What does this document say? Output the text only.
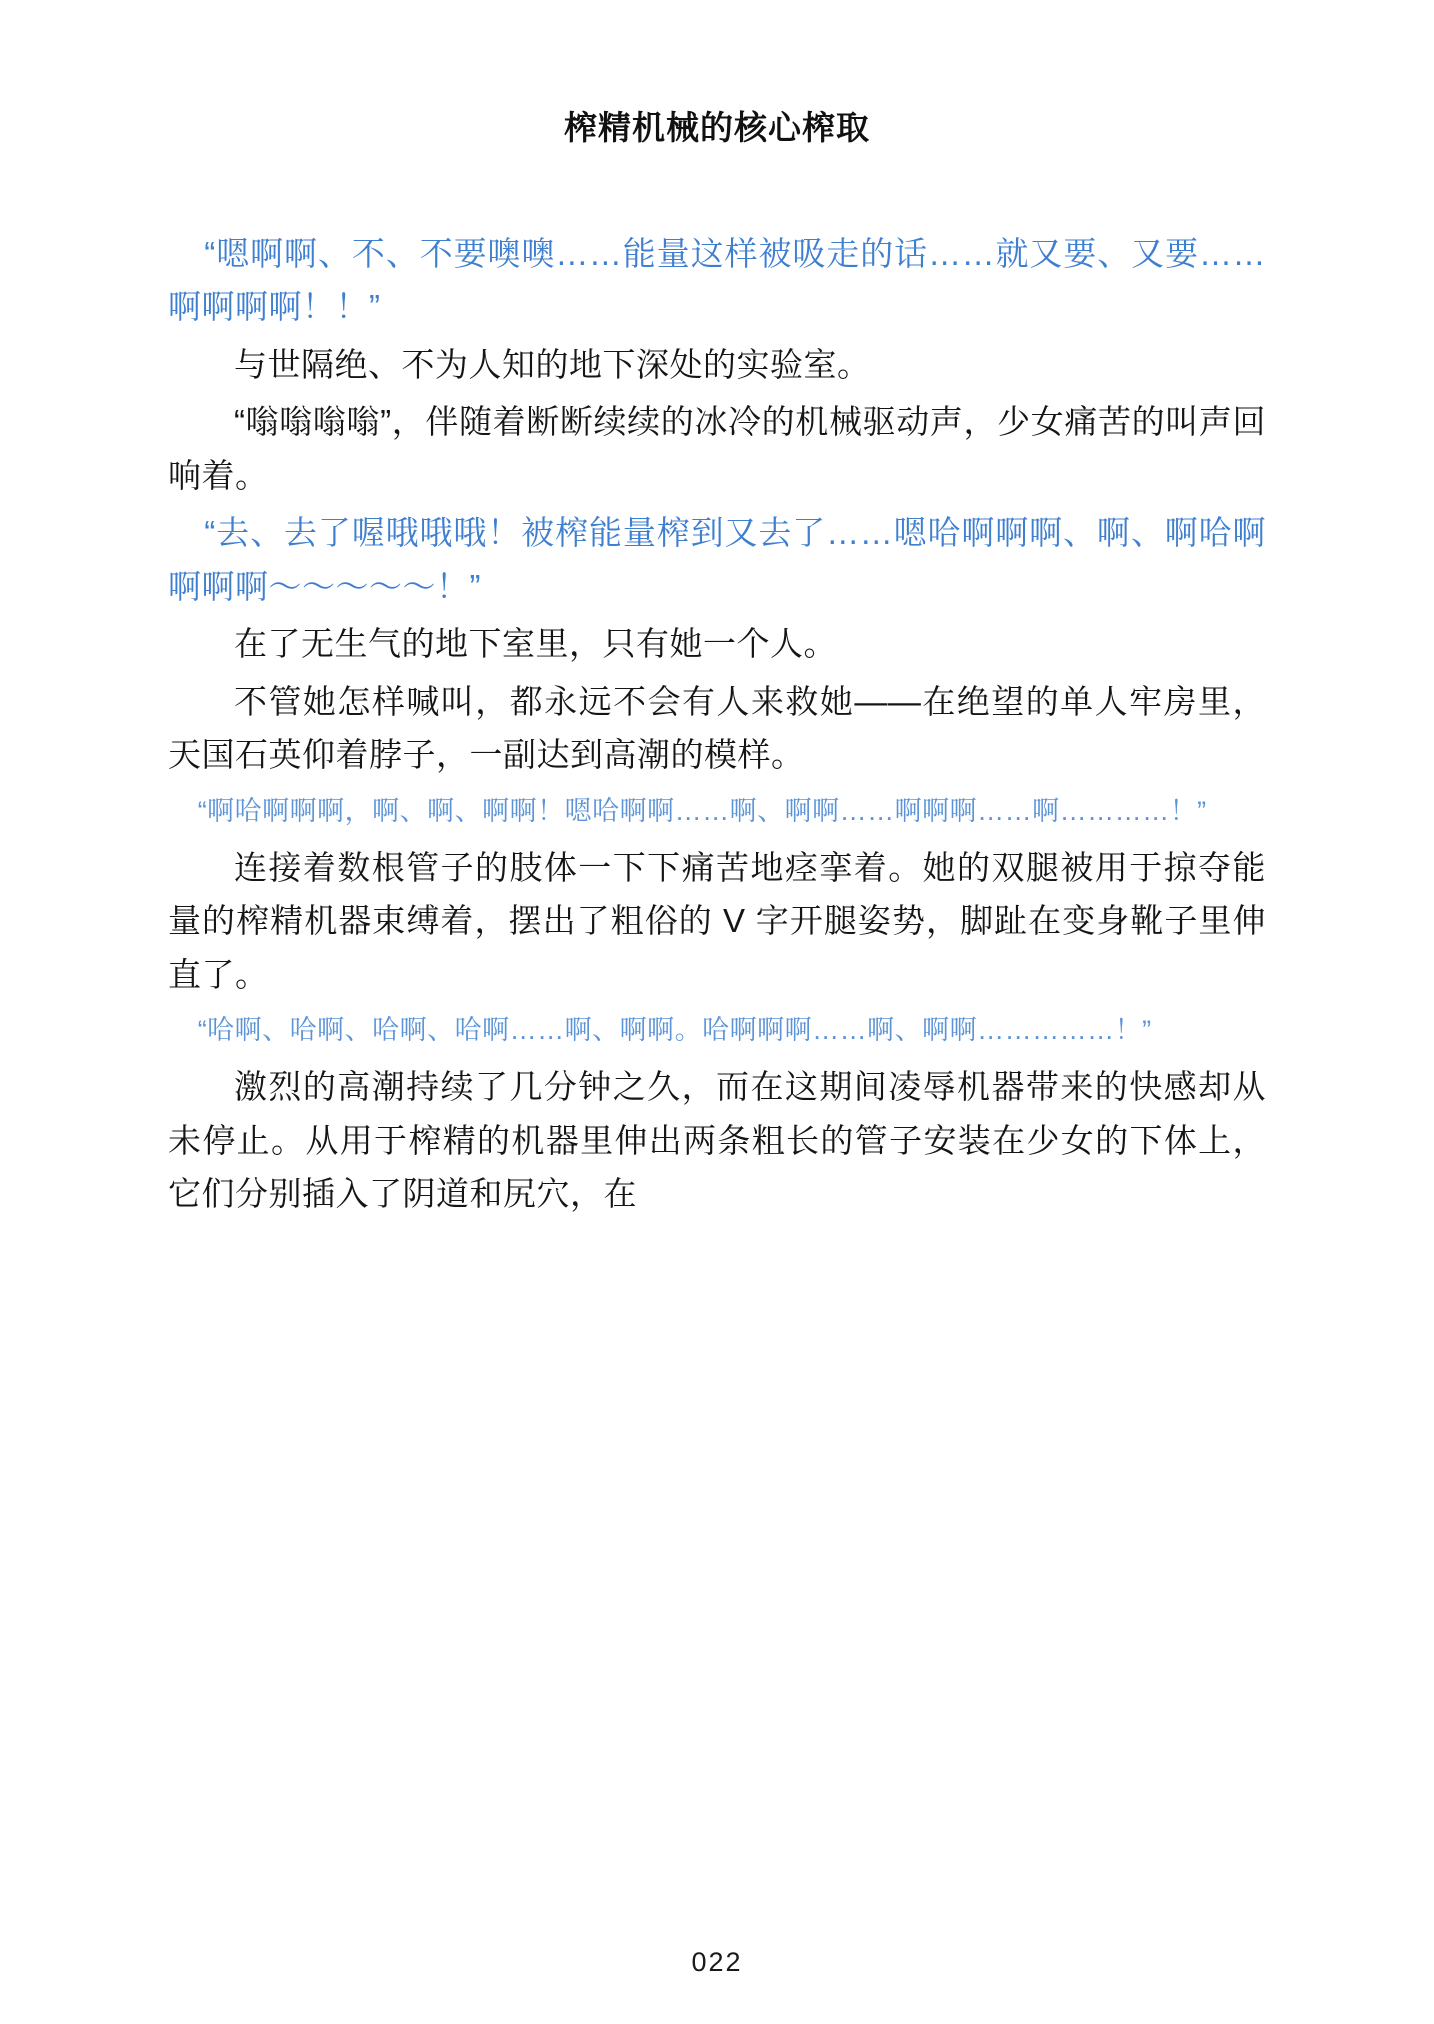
榨精机械的核心榨取

“嗯啊啊、不、不要噢噢……能量这样被吸走的话……就又要、又要……啊啊啊啊！！”

与世隔绝、不为人知的地下深处的实验室。

“嗡嗡嗡嗡”，伴随着断断续续的冰冷的机械驱动声，少女痛苦的叫声回响着。

“去、去了喔哦哦哦！被榨能量榨到又去了……嗯哈啊啊啊、啊、啊哈啊啊啊啊～～～～～！”

在了无生气的地下室里，只有她一个人。

不管她怎样喊叫，都永远不会有人来救她——在绝望的单人牢房里，天国石英仰着脖子，一副达到高潮的模样。

“啊哈啊啊啊，啊、啊、啊啊！嗯哈啊啊……啊、啊啊……啊啊啊……啊…………！”

连接着数根管子的肢体一下下痛苦地痉挛着。她的双腿被用于掠夺能量的榨精机器束缚着，摆出了粗俗的 V 字开腿姿势，脚趾在变身靴子里伸直了。

“哈啊、哈啊、哈啊、哈啊……啊、啊啊。哈啊啊啊……啊、啊啊……………！”

激烈的高潮持续了几分钟之久，而在这期间凌辱机器带来的快感却从未停止。从用于榨精的机器里伸出两条粗长的管子安装在少女的下体上，它们分别插入了阴道和尻穴，在

022
